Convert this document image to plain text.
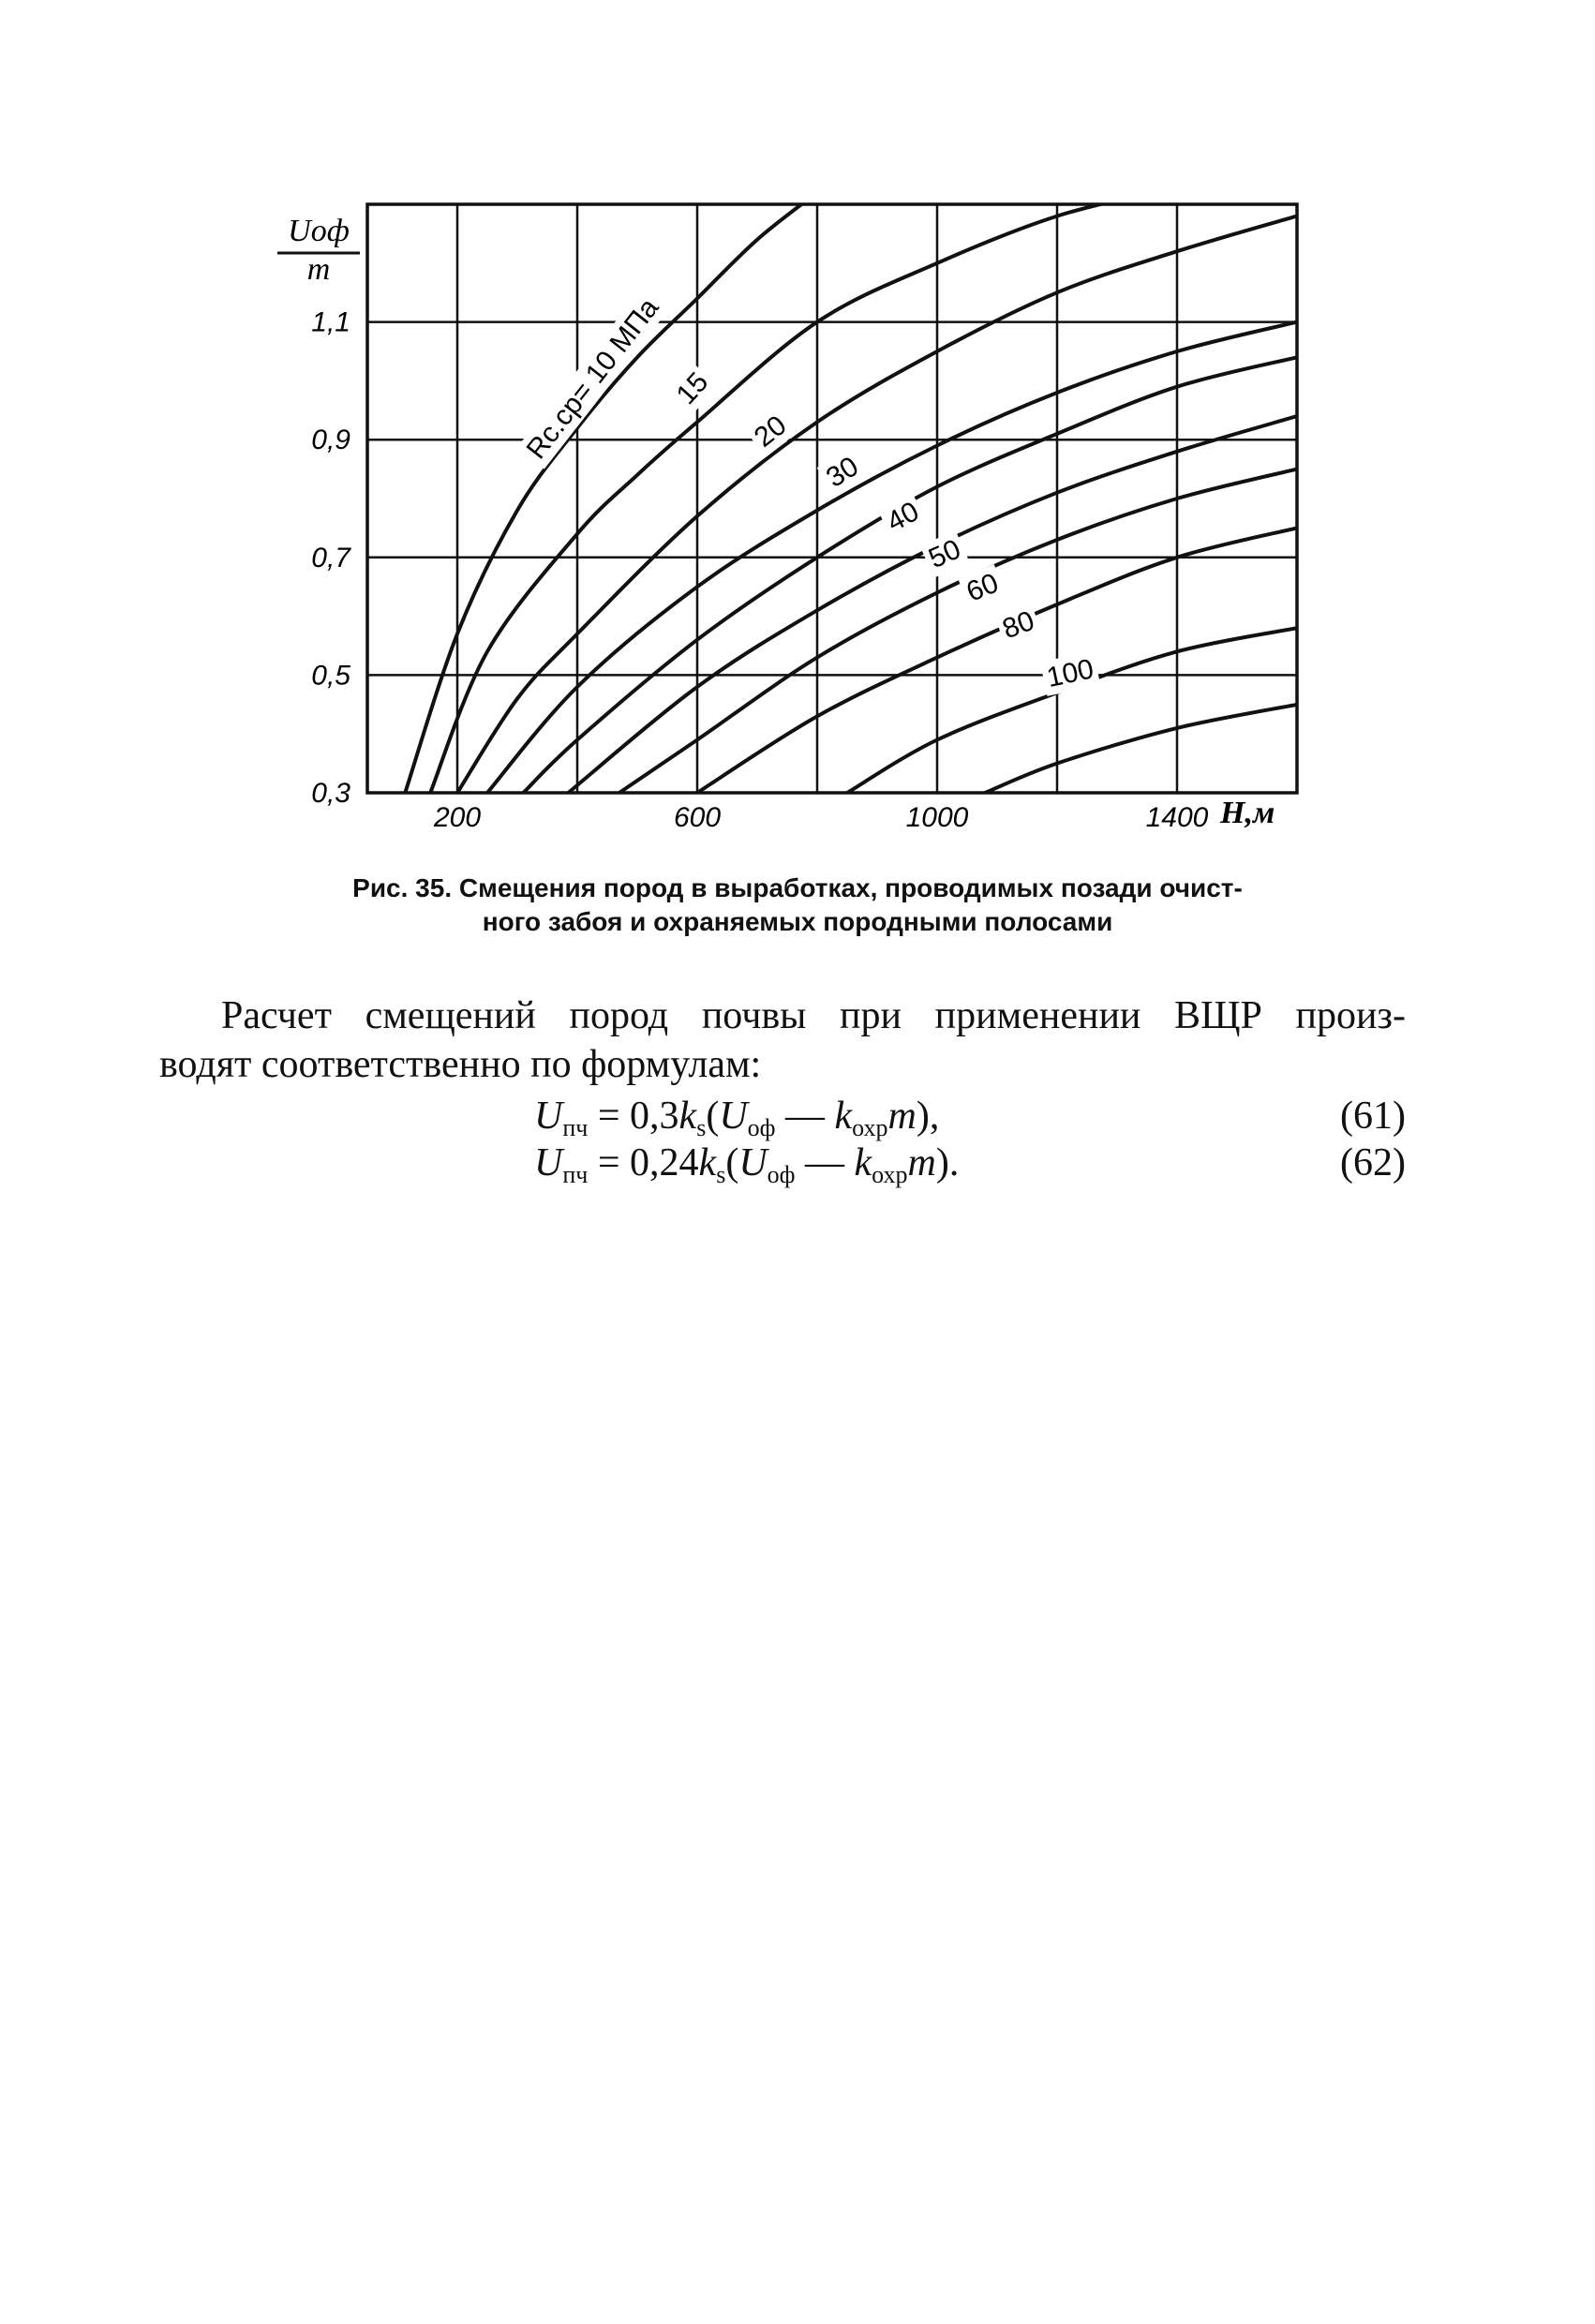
0,3
0,5
0,7
0,9
1,1
200	600	1000	1400
Rс.ср= 10 МПа 15
20
30
40
50
60
80
100
Uоф
m
H,м
Рис. 35. Смещения пород в выработках, проводимых позади очист-
ного забоя и охраняемых породными полосами
Расчет смещений пород почвы при применении ВЩР произ-
водят соответственно по формулам:
$U_{пч} = 0,3k_s(U_{оф}$ — $k_{охр}m$),	(61)
$U_{пч} = 0,24k_s(U_{оф}$ — $k_{охр}m$).	(62)
